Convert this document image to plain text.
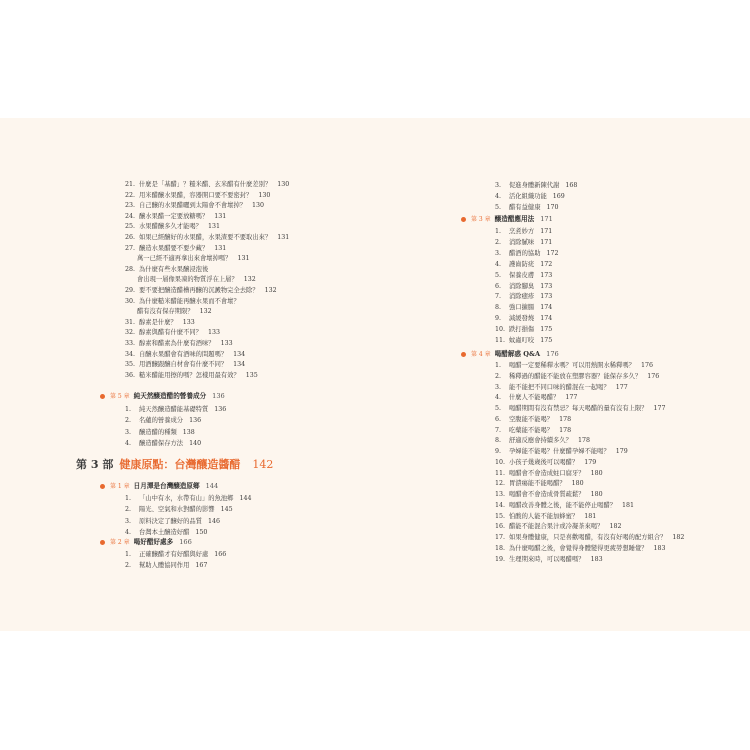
21. 什麼是「基醋」？糙米醋、玄米醋有什麼差別？ 130
22. 用米醋醸水果醋，容器開口要不要密封？ 130
23. 自己醸的水果醋曬到太陽會不會壞掉？ 130
24. 醸水果醋一定要放糖嗎？ 131
25. 水果醋醸多久才能喝？ 131
26. 如果已經醸好的水果醋，水果渣要不要取出來？ 131
27. 醸造水果醋要不要少藏？ 131
萬一已經不適再拿出來會壞掉嗎？ 131
28. 為什麼有些水果醸浸泡後
會出現一層像果凍的物質浮在上層？ 132
29. 要不要把醸造醋槽再醸的沉澱物完全去除？ 132
30. 為什麼糙米醋能再醸水果而不會壞？
醋有沒有保存期限？ 132
31. 醇素是什麼？ 133
32. 醇素與醋有什麼不同？ 133
33. 醇素和醋素為什麼有酒味？ 133
34. 自醸水果醋會有酒味的問題嗎？ 134
35. 用酒醸跟醸自材會有什麼不同？ 134
36. 糙米醋能用擦的嗎？怎樣用最有效？ 135
第 5 章 純天然醸造醋的營養成分 136
1. 純天然醸造醋能基礎特質 136
2. 名蘊的營養成分 136
3. 醸造醋的種類 138
4. 醸造醋保存方法 140
第 3 部 健康原點：台灣釀造醬醋 142
第 1 章 日月潭是台灣醸造原鄉 144
1. 「山中有水，水帶有山」的魚池鄉 144
2. 陽光、空氣和水對醋的影響 145
3. 原料決定了醸好的品質 146
4. 台灣本土醸造好醋 150
第 2 章 喝好醋好處多 166
1. 正確醸醋才有好醋與好處 166
2. 幫助人體協同作用 167
3. 促進身體新陳代謝 168
4. 活化組織功能 169
5. 醋有益健康 170
第 3 章 醸造醋應用法 171
1. 烹煮妙方 171
2. 消除膩味 171
3. 醋酒的協助 172
4. 護齒防疣 172
5. 保養皮膚 173
6. 消除腳臭 173
7. 消除癒疹 173
8. 強口擴腸 174
9. 減緩發燒 174
10. 跌打損傷 175
11. 蚊蟲叮咬 175
第 4 章 喝醋解惑 Q&A 176
1. 喝醋一定要稀釋水嗎？可以用熱開水稀釋嗎？ 176
2. 稀釋過的醋能不能放在塑膠容器？能保存多久？ 176
3. 能不能把不同口味的醋混在一起喝？ 177
4. 什麼人不能喝醋？ 177
5. 喝醋期間有沒有禁忌？每天喝醋的量有沒有上限？ 177
6. 空腹能不能喝？ 178
7. 吃藥能不能喝？ 178
8. 舒適反應會持續多久？ 178
9. 孕婦能不能喝？什麼醋孕婦不能喝？ 179
10. 小孩子幾歲後可以喝醋？ 179
11. 喝醋會不會造成蛀口腐牙？ 180
12. 胃潰瘍能不能喝醋？ 180
13. 喝醋會不會造成骨質疏鬆？ 180
14. 喝醋改善身體之後，能不能停止喝醋？ 181
15. 怕酸的人能不能加蜂蜜？ 181
16. 醋能不能混合果汁或冷凝茶來喝？ 182
17. 如果身體健康，只是喜歡喝醋，有沒有好喝的配方組合？ 182
18. 為什麼喝醋之後，會覺得身體變得更疲勞想睡覺？ 183
19. 生理期來時，可以喝醋嗎？ 183
